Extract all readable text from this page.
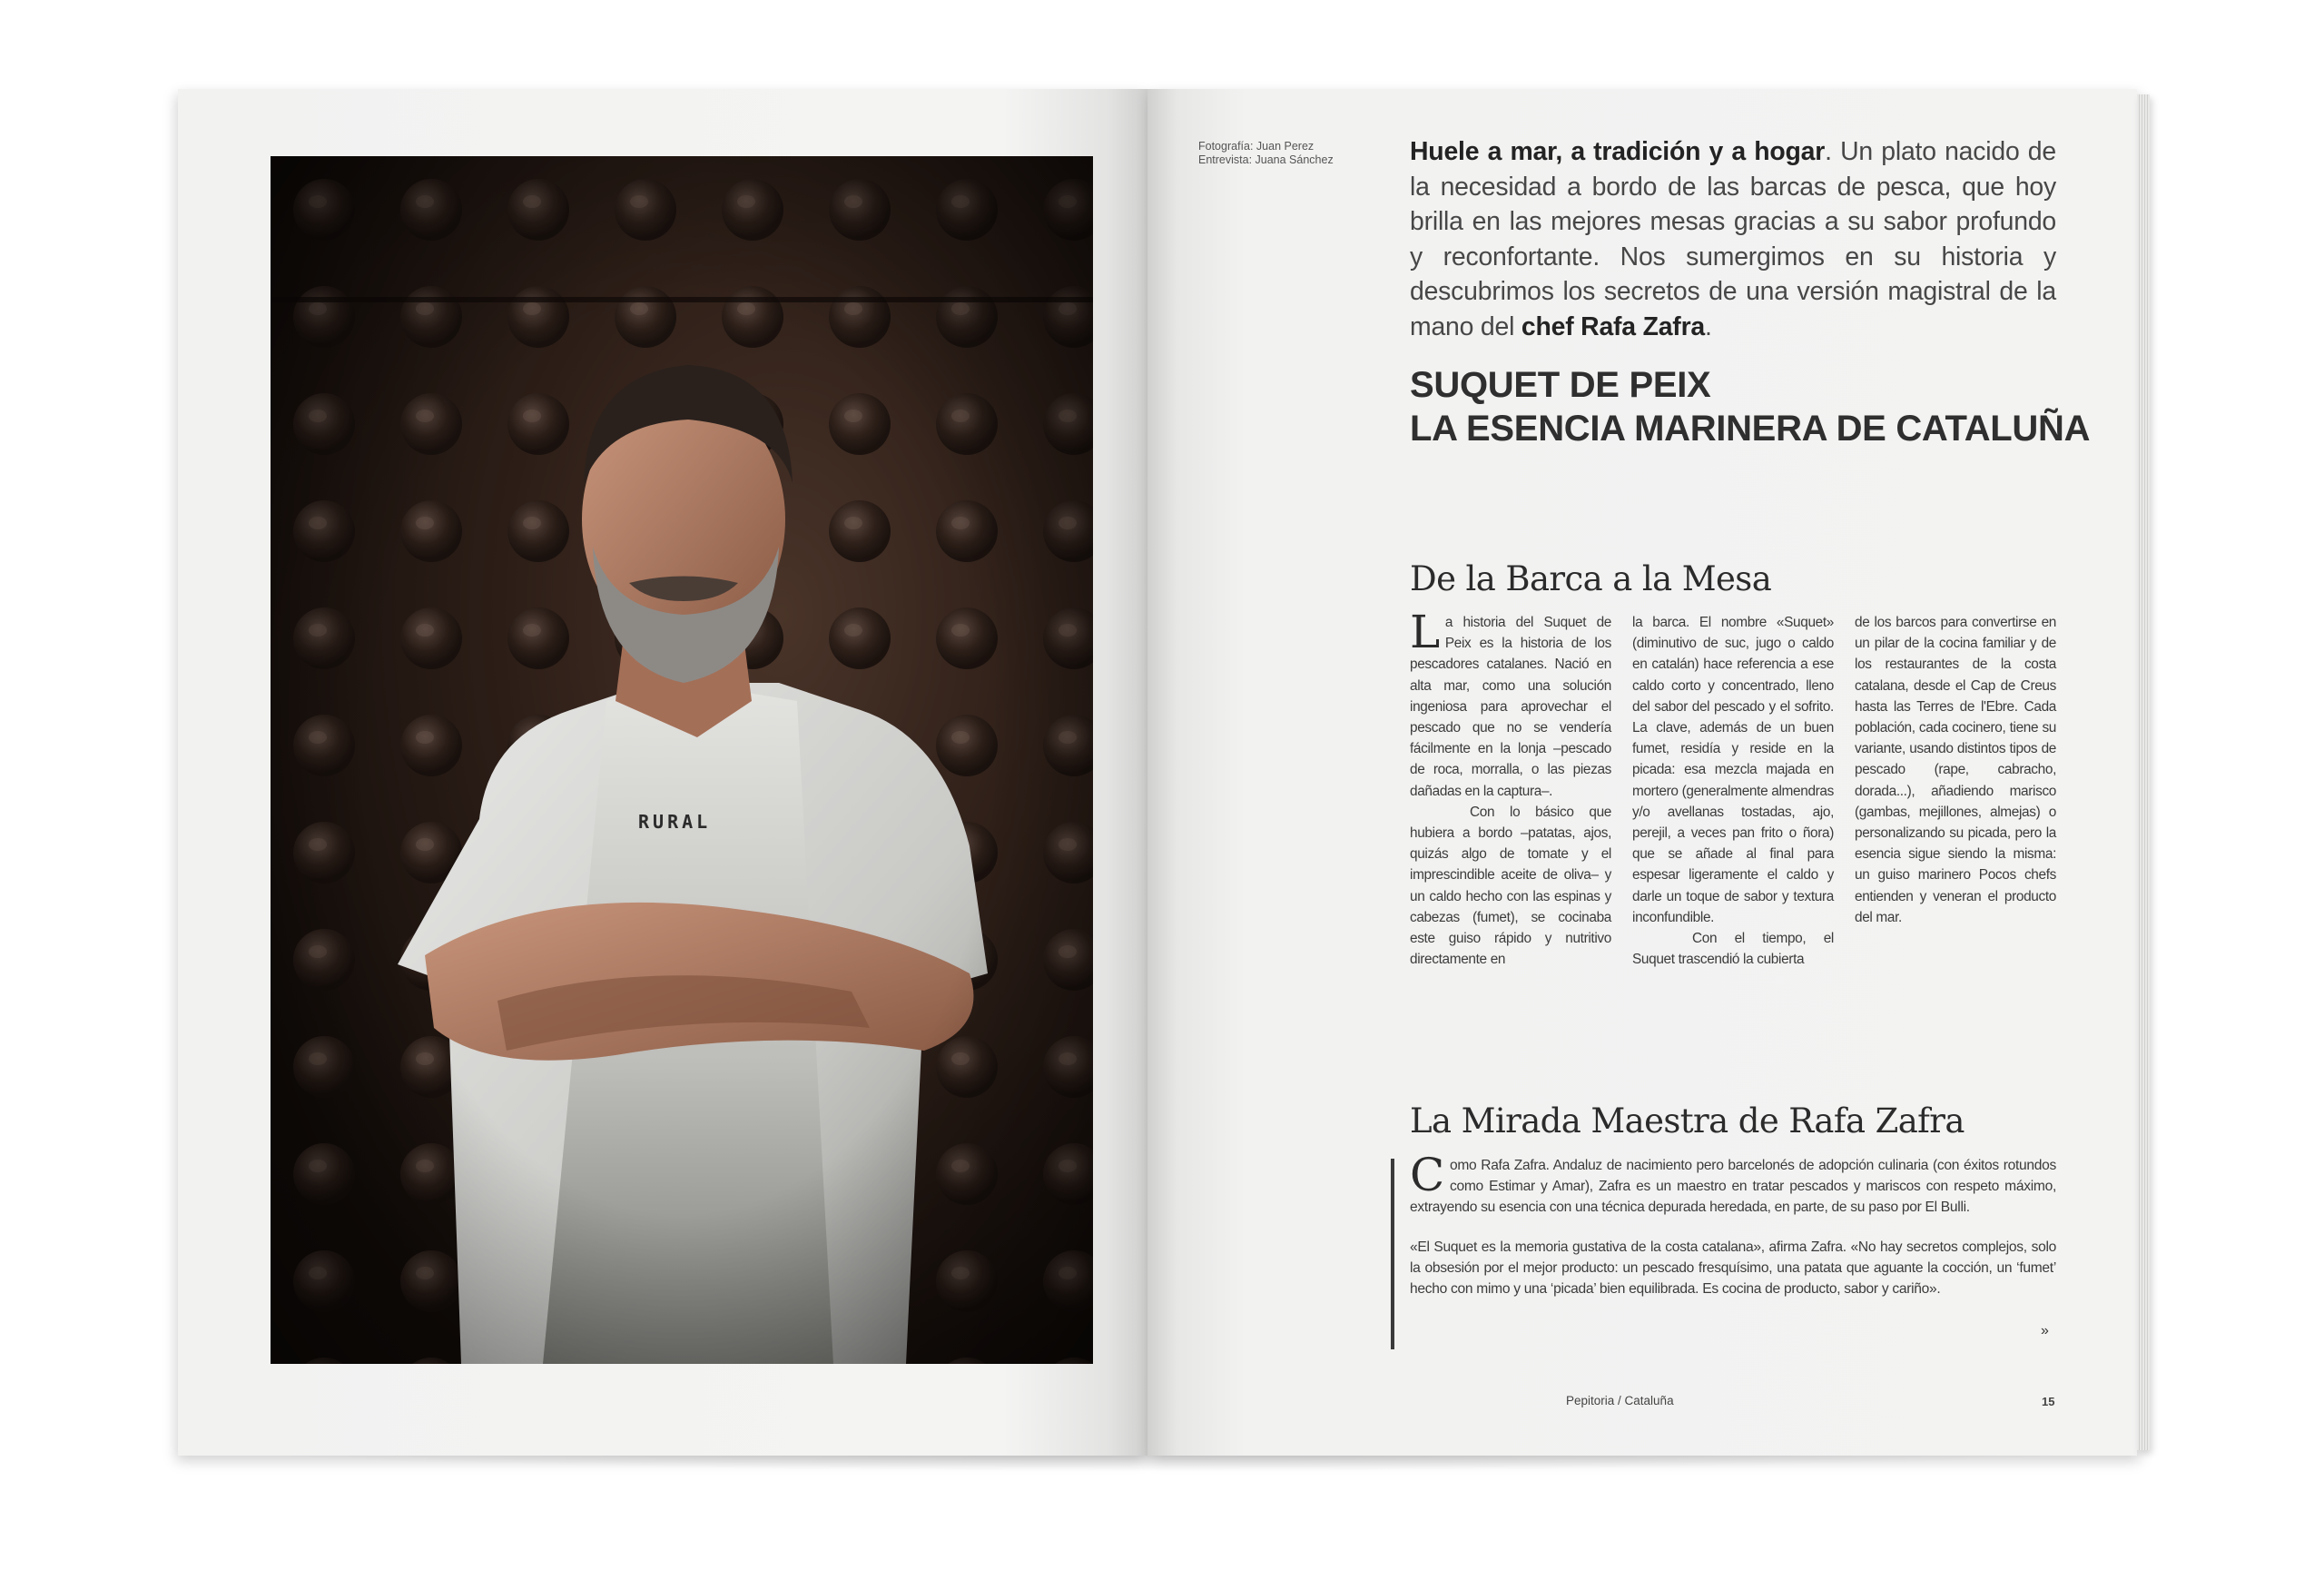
Fotografía: Juan Perez
Entrevista: Juana Sánchez	Huele a mar, a tradición y a hogar. Un plato nacido de la necesidad a bordo de las barcas de pesca, que hoy brilla en las mejores mesas gracias a su sabor profundo y reconfortante. Nos sumergimos en su historia y descubrimos los secretos de una versión magistral de la mano del chef Rafa Zafra.
SUQUET DE PEIX
LA ESENCIA MARINERA DE CATALUÑA
De la Barca a la Mesa
La historia del Suquet de Peix es la historia de los pescadores catalanes. Nació en alta mar, como una solución ingeniosa para aprovechar el pescado que no se vendería fácilmente en la lonja –pescado de roca, morralla, o las piezas dañadas en la captura–.
Con lo básico que hubiera a bordo –patatas, ajos, quizás algo de tomate y el imprescindible aceite de oliva– y un caldo hecho con las espinas y cabezas (fumet), se cocinaba este guiso rápido y nutritivo directamente en
la barca. El nombre «Suquet» (diminutivo de suc, jugo o caldo en catalán) hace referencia a ese caldo corto y concentrado, lleno del sabor del pescado y el sofrito. La clave, además de un buen fumet, residía y reside en la picada: esa mezcla majada en mortero (generalmente almendras y/o avellanas tostadas, ajo, perejil, a veces pan frito o ñora) que se añade al final para espesar ligeramente el caldo y darle un toque de sabor y textura inconfundible.
Con el tiempo, el Suquet trascendió la cubierta
de los barcos para convertirse en un pilar de la cocina familiar y de los restaurantes de la costa catalana, desde el Cap de Creus hasta las Terres de l'Ebre. Cada población, cada cocinero, tiene su variante, usando distintos tipos de pescado (rape, cabracho, dorada...), añadiendo marisco (gambas, mejillones, almejas) o personalizando su picada, pero la esencia sigue siendo la misma: un guiso marinero Pocos chefs entienden y veneran el producto del mar.
La Mirada Maestra de Rafa Zafra
Como Rafa Zafra. Andaluz de nacimiento pero barcelonés de adopción culinaria (con éxitos rotundos como Estimar y Amar), Zafra es un maestro en tratar pescados y mariscos con respeto máximo, extrayendo su esencia con una técnica depurada heredada, en parte, de su paso por El Bulli.
«El Suquet es la memoria gustativa de la costa catalana», afirma Zafra. «No hay secretos complejos, solo la obsesión por el mejor producto: un pescado fresquísimo, una patata que aguante la cocción, un ‘fumet’ hecho con mimo y una ‘picada’ bien equilibrada. Es cocina de producto, sabor y cariño».
»
Pepitoria / Cataluña	15
